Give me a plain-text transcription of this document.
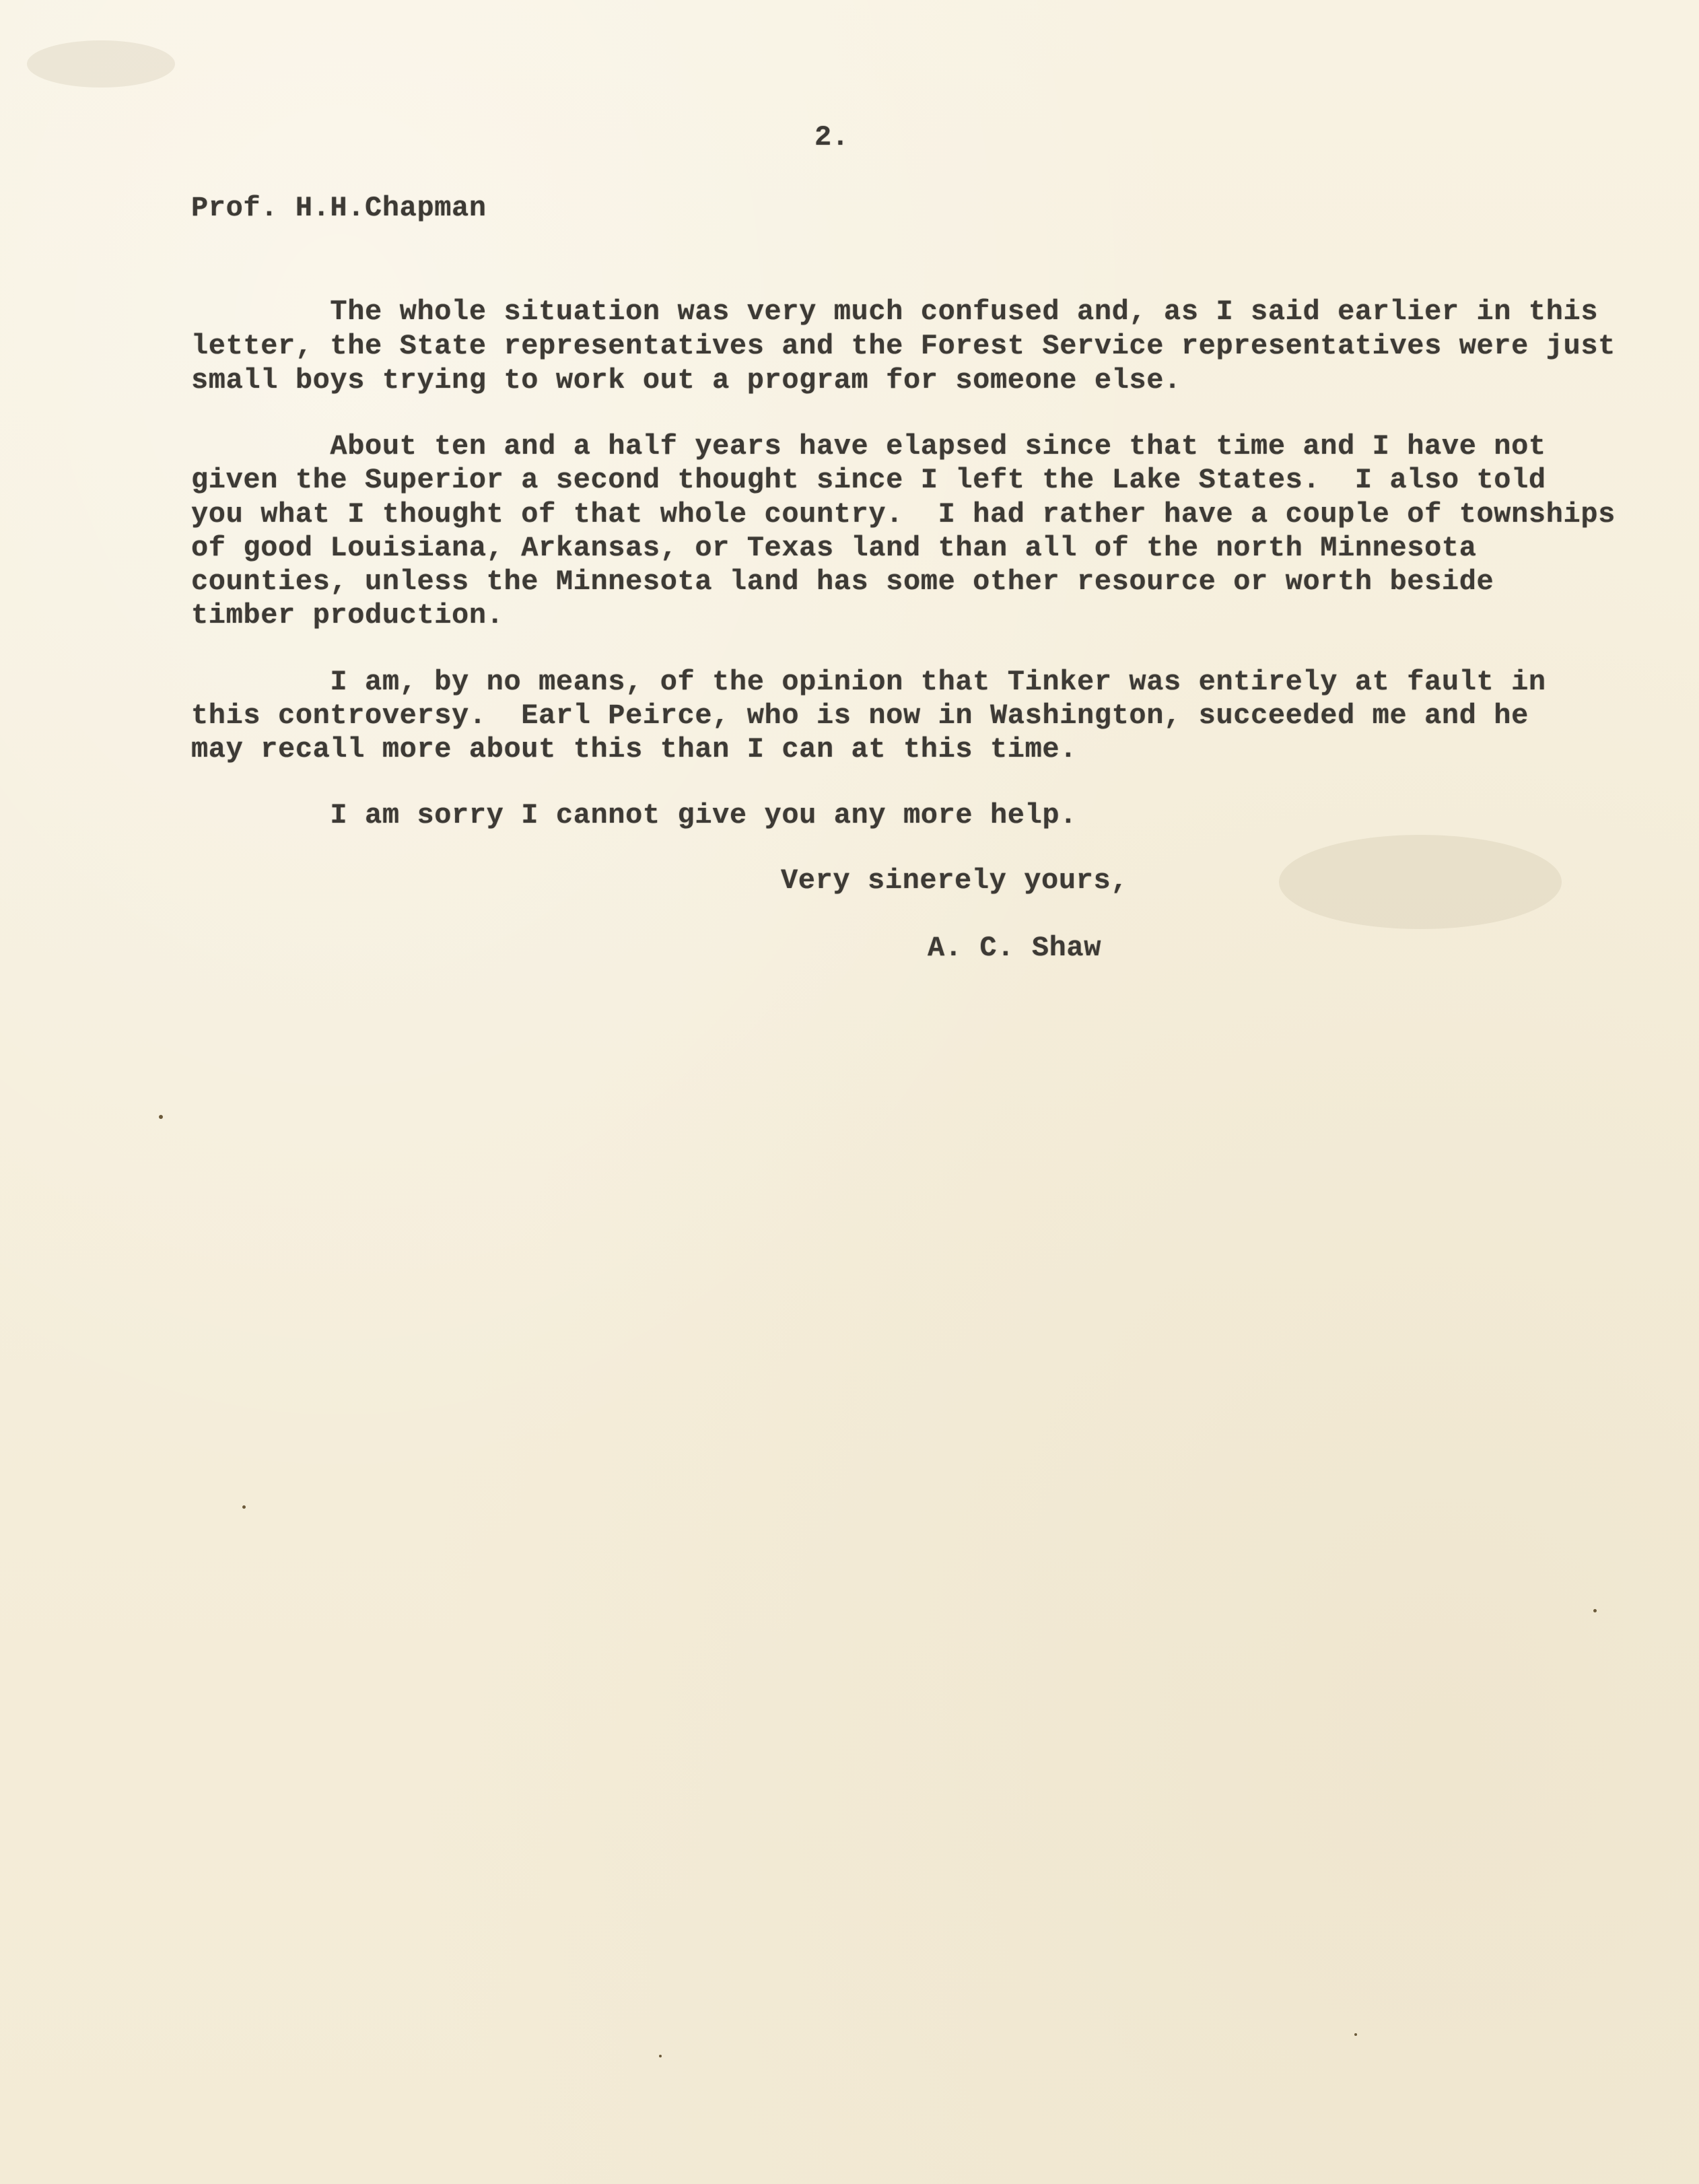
2.

Prof. H.H.Chapman

The whole situation was very much confused and, as I said earlier in this

letter, the State representatives and the Forest Service representatives were just

small boys trying to work out a program for someone else.

About ten and a half years have elapsed since that time and I have not

given the Superior a second thought since I left the Lake States.  I also told

you what I thought of that whole country.  I had rather have a couple of townships

of good Louisiana, Arkansas, or Texas land than all of the north Minnesota

counties, unless the Minnesota land has some other resource or worth beside

timber production.

I am, by no means, of the opinion that Tinker was entirely at fault in

this controversy.  Earl Peirce, who is now in Washington, succeeded me and he

may recall more about this than I can at this time.

I am sorry I cannot give you any more help.

Very sinerely yours,

A. C. Shaw
